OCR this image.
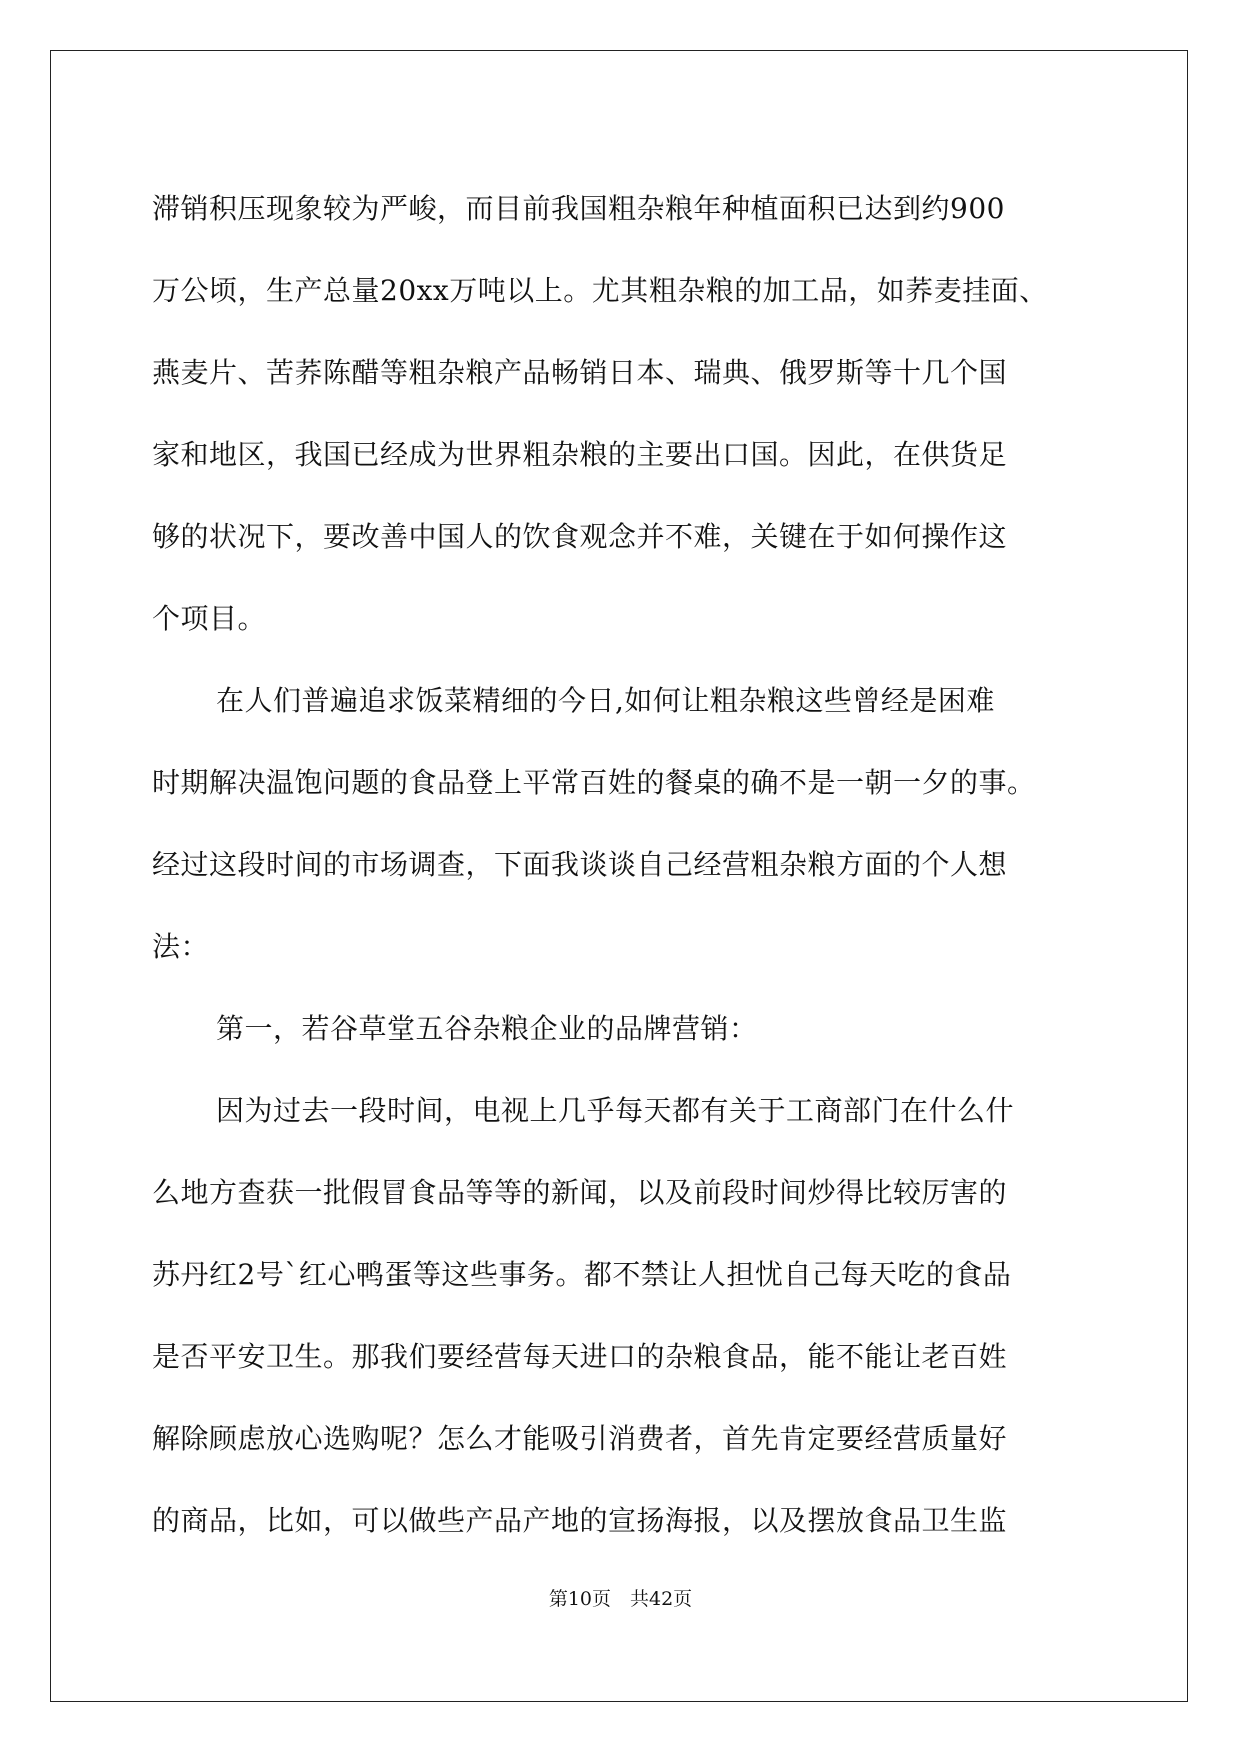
滞销积压现象较为严峻，而目前我国粗杂粮年种植面积已达到约900
万公顷，生产总量20xx万吨以上。尤其粗杂粮的加工品，如荞麦挂面、
燕麦片、苦荞陈醋等粗杂粮产品畅销日本、瑞典、俄罗斯等十几个国
家和地区，我国已经成为世界粗杂粮的主要出口国。因此，在供货足
够的状况下，要改善中国人的饮食观念并不难，关键在于如何操作这
个项目。
在人们普遍追求饭菜精细的今日,如何让粗杂粮这些曾经是困难
时期解决温饱问题的食品登上平常百姓的餐桌的确不是一朝一夕的事。
经过这段时间的市场调查，下面我谈谈自己经营粗杂粮方面的个人想
法：
第一，若谷草堂五谷杂粮企业的品牌营销：
因为过去一段时间，电视上几乎每天都有关于工商部门在什么什
么地方查获一批假冒食品等等的新闻，以及前段时间炒得比较厉害的
苏丹红2号`红心鸭蛋等这些事务。都不禁让人担忧自己每天吃的食品
是否平安卫生。那我们要经营每天进口的杂粮食品，能不能让老百姓
解除顾虑放心选购呢？怎么才能吸引消费者，首先肯定要经营质量好
的商品，比如，可以做些产品产地的宣扬海报，以及摆放食品卫生监
第10页　共42页
